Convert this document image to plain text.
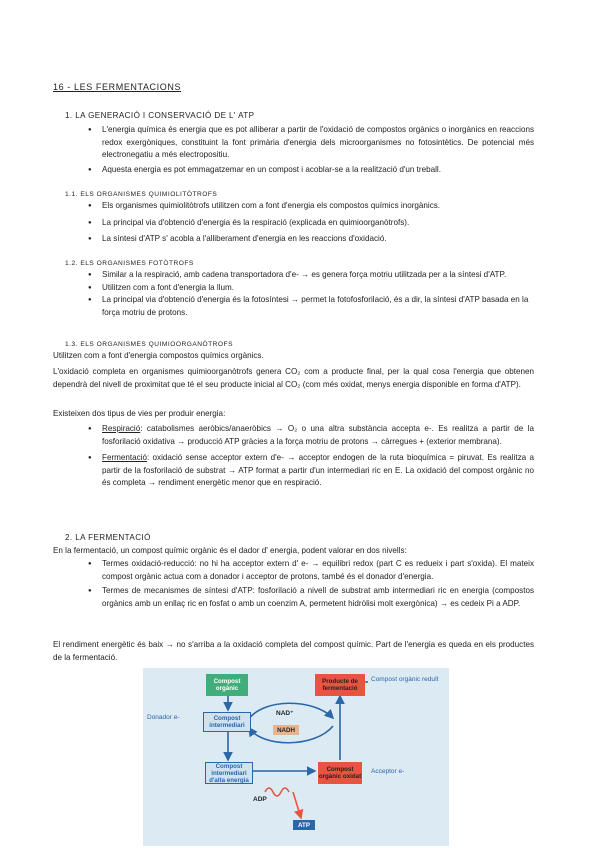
16 - LES FERMENTACIONS
1. LA GENERACIÓ I CONSERVACIÓ DE L' ATP
● L'energia química és energia que es pot alliberar a partir de l'oxidació de compostos orgànics o inorgànics en reaccions redox exergòniques, constituint la font primària d'energia dels microorganismes no fotosintètics. De potencial més electronegatiu a més electropositiu.
● Aquesta energia es pot emmagatzemar en un compost i acoblar-se a la realització d'un treball.
1.1. ELS ORGANISMES QUIMIOLITÒTROFS
● Els organismes quimiolitòtrofs utilitzen com a font d'energia els compostos químics inorgànics.
● La principal via d'obtenció d'energia és la respiració (explicada en quimioorganòtrofs).
● La síntesi d'ATP s' acobla a l'alliberament d'energia en les reaccions d'oxidació.
1.2. ELS ORGANISMES FOTÒTROFS
● Similar a la respiració, amb cadena transportadora d'e- → es genera força motriu utilitzada per a la síntesi d'ATP.
● Utilitzen com a font d'energia la llum.
● La principal via d'obtenció d'energia és la fotosíntesi → permet la fotofosforilació, és a dir, la síntesi d'ATP basada en la força motriu de protons.
1.3. ELS ORGANISMES QUIMIOORGANÒTROFS
Utilitzen com a font d'energia compostos químics orgànics.
L'oxidació completa en organismes quimioorganòtrofs genera CO₂ com a producte final, per la qual cosa l'energia que obtenen dependrà del nivell de proximitat que té el seu producte inicial al CO₂ (com més oxidat, menys energia disponible en forma d'ATP).
Existeixen dos tipus de vies per produir energia:
● Respiració: catabolismes aeròbics/anaeròbics → O₂ o una altra substància accepta e-. Es realitza a partir de la fosforilació oxidativa → producció ATP gràcies a la força motriu de protons → càrregues + (exterior membrana).
● Fermentació: oxidació sense acceptor extern d'e- → acceptor endogen de la ruta bioquímica = piruvat. Es realitza a partir de la fosforilació de substrat → ATP format a partir d'un intermediari ric en E. La oxidació del compost orgànic no és completa → rendiment energètic menor que en respiració.
2. LA FERMENTACIÓ
En la fermentació, un compost químic orgànic és el dador d' energia, podent valorar en dos nivells:
● Termes oxidació-reducció: no hi ha acceptor extern d' e- → equilibri redox (part C es redueix i part s'oxida). El mateix compost orgànic actua com a donador i acceptor de protons, també és el donador d'energia.
● Termes de mecanismes de síntesi d'ATP: fosforilació a nivell de substrat amb intermediari ric en energia (compostos orgànics amb un enllaç ric en fosfat o amb un coenzim A, permetent hidròlisi molt exergònica) → es cedeix Pi a ADP.
El rendiment energètic és baix → no s'arriba a la oxidació completa del compost químic. Part de l'energia es queda en els productes de la fermentació.
Compost orgànic
Producte de fermentació
Compost orgànic reduït
Donador e-	Compost intermediari
NAD⁺
NADH
Compost intermediari d'alta energia
Compost orgànic oxidat
Acceptor e-
ADP
ATP
